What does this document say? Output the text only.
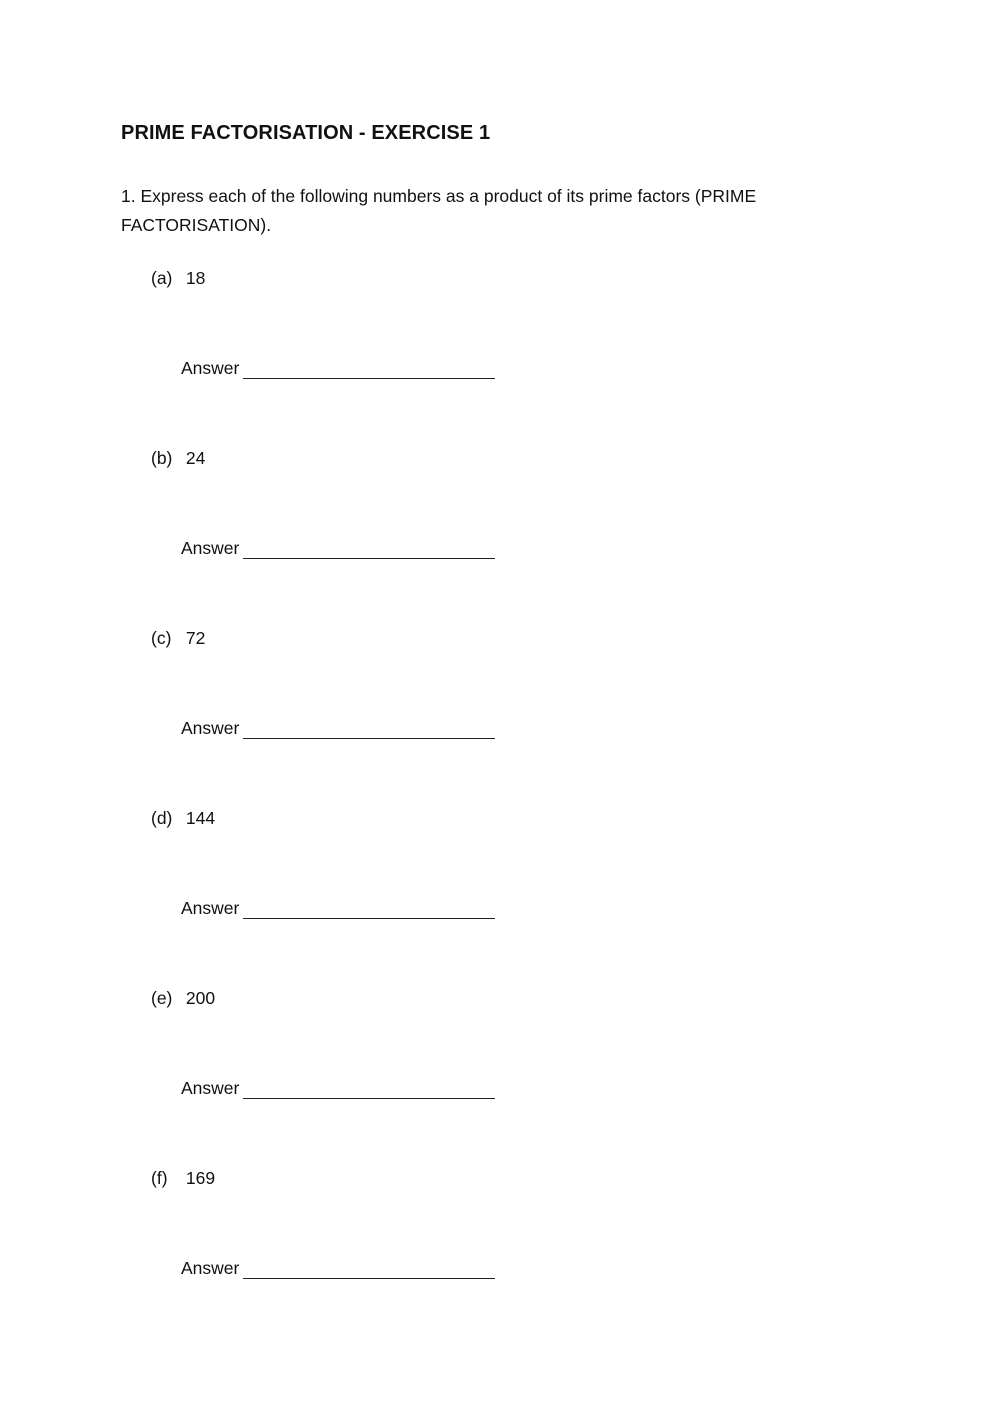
PRIME FACTORISATION - EXERCISE 1
1. Express each of the following numbers as a product of its prime factors (PRIME FACTORISATION).
(a) 18
Answer
(b) 24
Answer
(c) 72
Answer
(d) 144
Answer
(e) 200
Answer
(f) 169
Answer
